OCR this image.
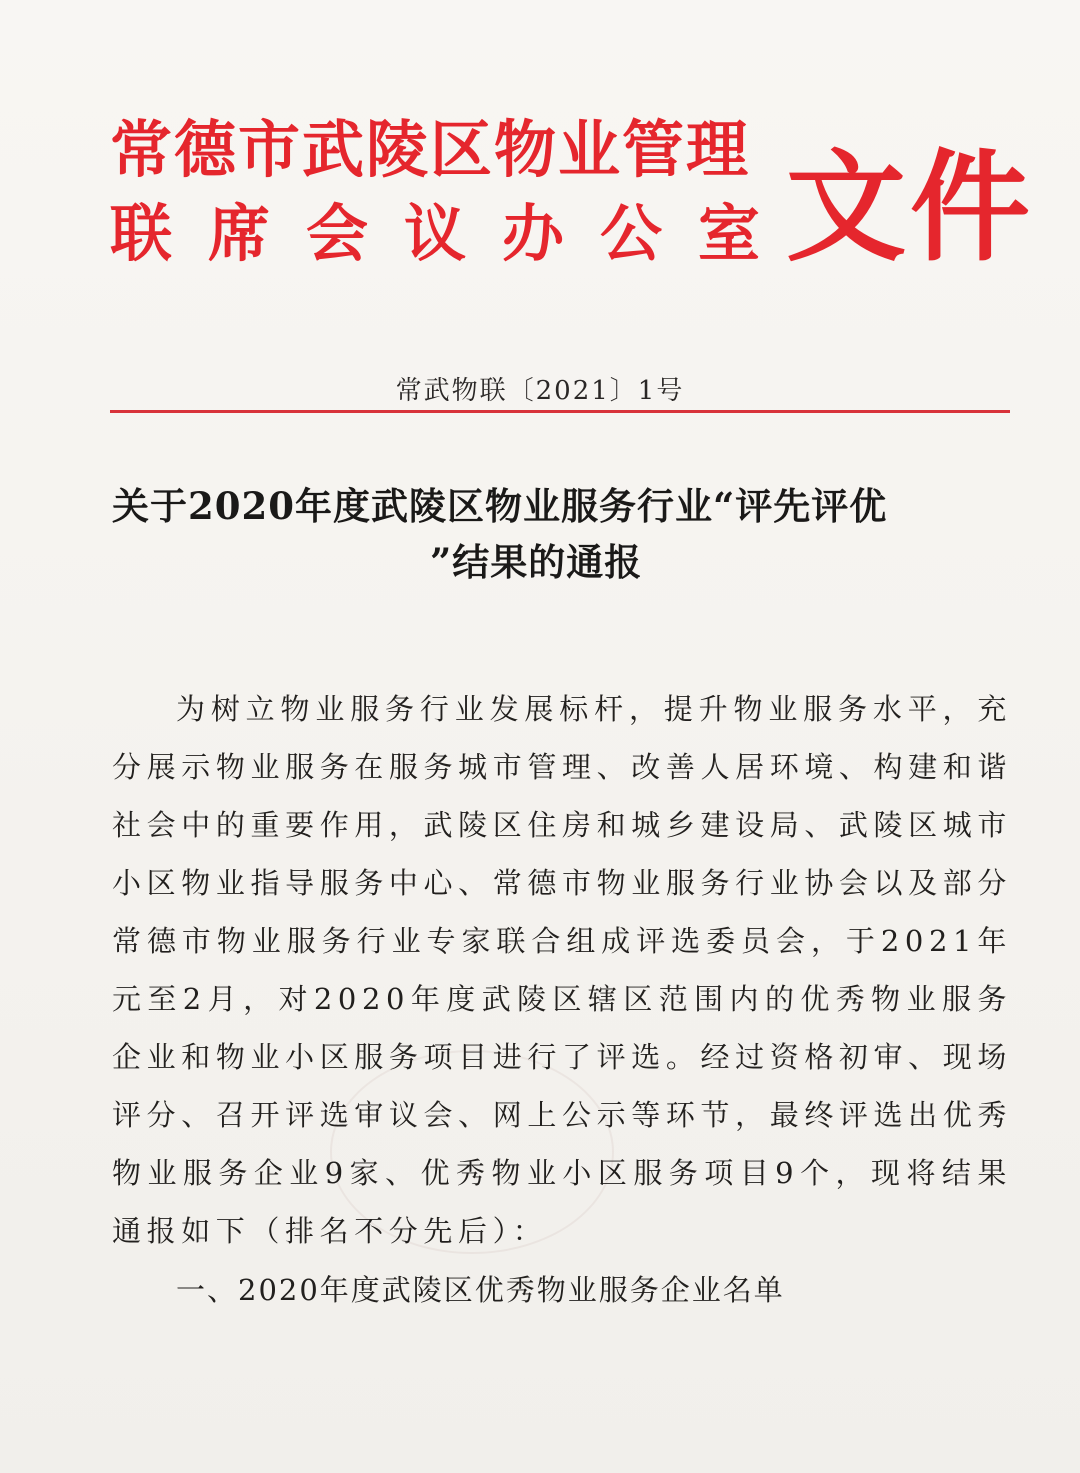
常德市武陵区物业管理
联席会议办公室
文件
常武物联〔2021〕1号
关于2020年度武陵区物业服务行业“评先评优
”结果的通报

为树立物业服务行业发展标杆，提升物业服务水平，充分展示物业服务在服务城市管理、改善人居环境、构建和谐社会中的重要作用，武陵区住房和城乡建设局、武陵区城市小区物业指导服务中心、常德市物业服务行业协会以及部分常德市物业服务行业专家联合组成评选委员会，于2021年元至2月，对2020年度武陵区辖区范围内的优秀物业服务企业和物业小区服务项目进行了评选。经过资格初审、现场评分、召开评选审议会、网上公示等环节，最终评选出优秀物业服务企业9家、优秀物业小区服务项目9个，现将结果通报如下（排名不分先后）：

一、2020年度武陵区优秀物业服务企业名单
